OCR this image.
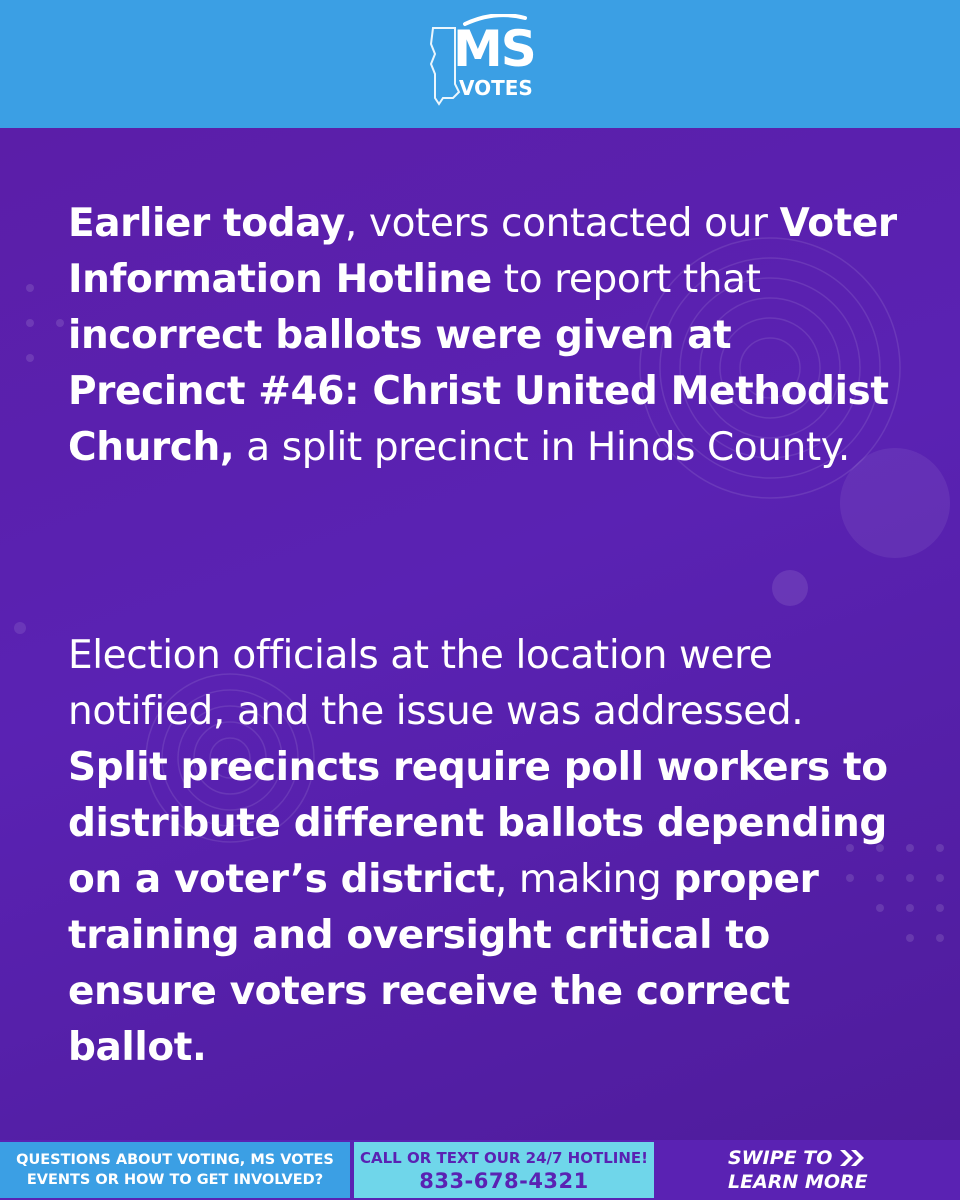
MS
VOTES
Earlier today, voters contacted our Voter Information Hotline to report that incorrect ballots were given at Precinct #46: Christ United Methodist Church, a split precinct in Hinds County.
Election officials at the location were notified, and the issue was addressed. Split precincts require poll workers to distribute different ballots depending on a voter’s district, making proper training and oversight critical to ensure voters receive the correct ballot.
QUESTIONS ABOUT VOTING, MS VOTES
EVENTS OR HOW TO GET INVOLVED?
CALL OR TEXT OUR 24/7 HOTLINE!
833-678-4321
SWIPE TO
LEARN MORE
